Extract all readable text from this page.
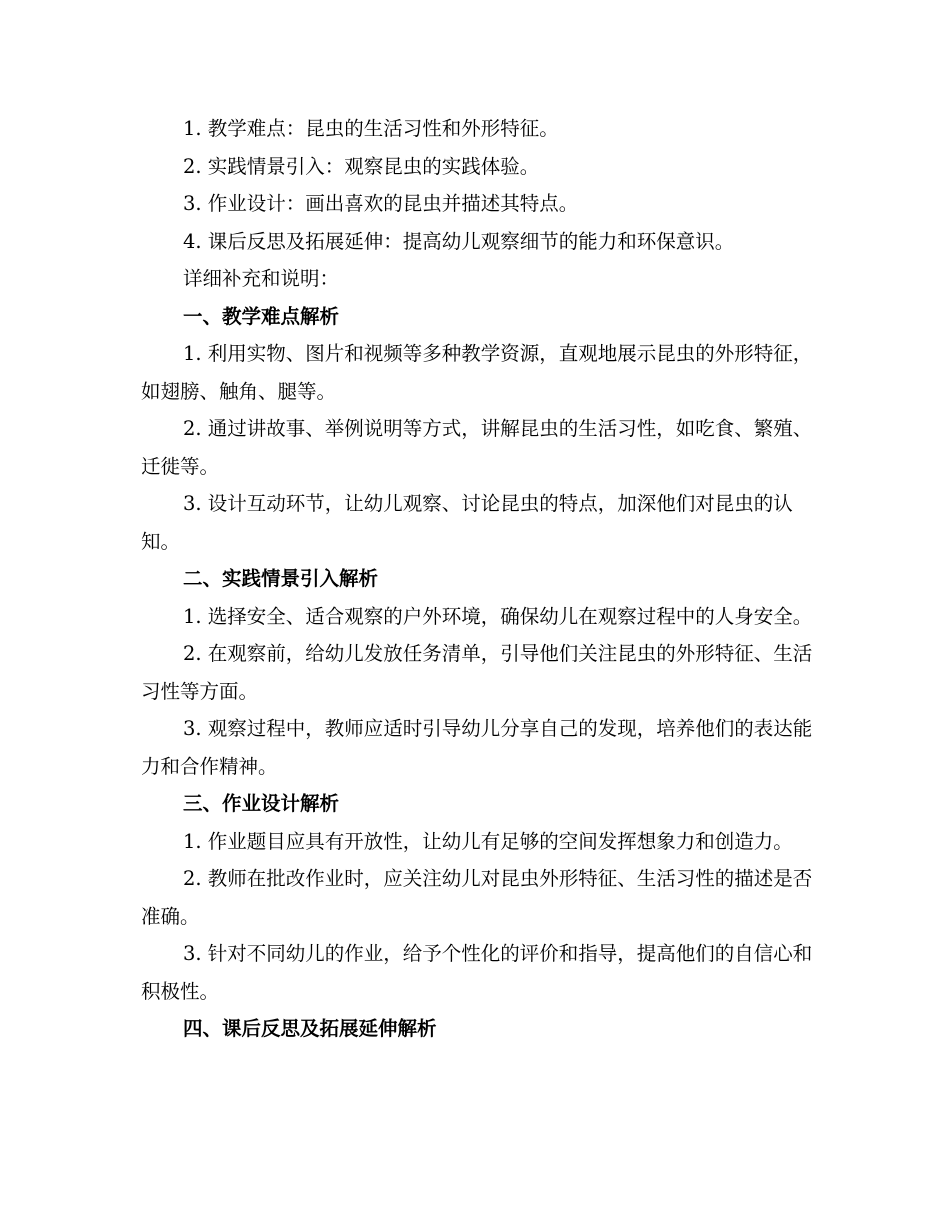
1. 教学难点：昆虫的生活习性和外形特征。

2. 实践情景引入：观察昆虫的实践体验。

3. 作业设计：画出喜欢的昆虫并描述其特点。

4. 课后反思及拓展延伸：提高幼儿观察细节的能力和环保意识。

详细补充和说明：

一、教学难点解析

1. 利用实物、图片和视频等多种教学资源，直观地展示昆虫的外形特征，如翅膀、触角、腿等。

2. 通过讲故事、举例说明等方式，讲解昆虫的生活习性，如吃食、繁殖、迁徙等。

3. 设计互动环节，让幼儿观察、讨论昆虫的特点，加深他们对昆虫的认知。

二、实践情景引入解析

1. 选择安全、适合观察的户外环境，确保幼儿在观察过程中的人身安全。

2. 在观察前，给幼儿发放任务清单，引导他们关注昆虫的外形特征、生活习性等方面。

3. 观察过程中，教师应适时引导幼儿分享自己的发现，培养他们的表达能力和合作精神。

三、作业设计解析

1. 作业题目应具有开放性，让幼儿有足够的空间发挥想象力和创造力。

2. 教师在批改作业时，应关注幼儿对昆虫外形特征、生活习性的描述是否准确。

3. 针对不同幼儿的作业，给予个性化的评价和指导，提高他们的自信心和积极性。

四、课后反思及拓展延伸解析
